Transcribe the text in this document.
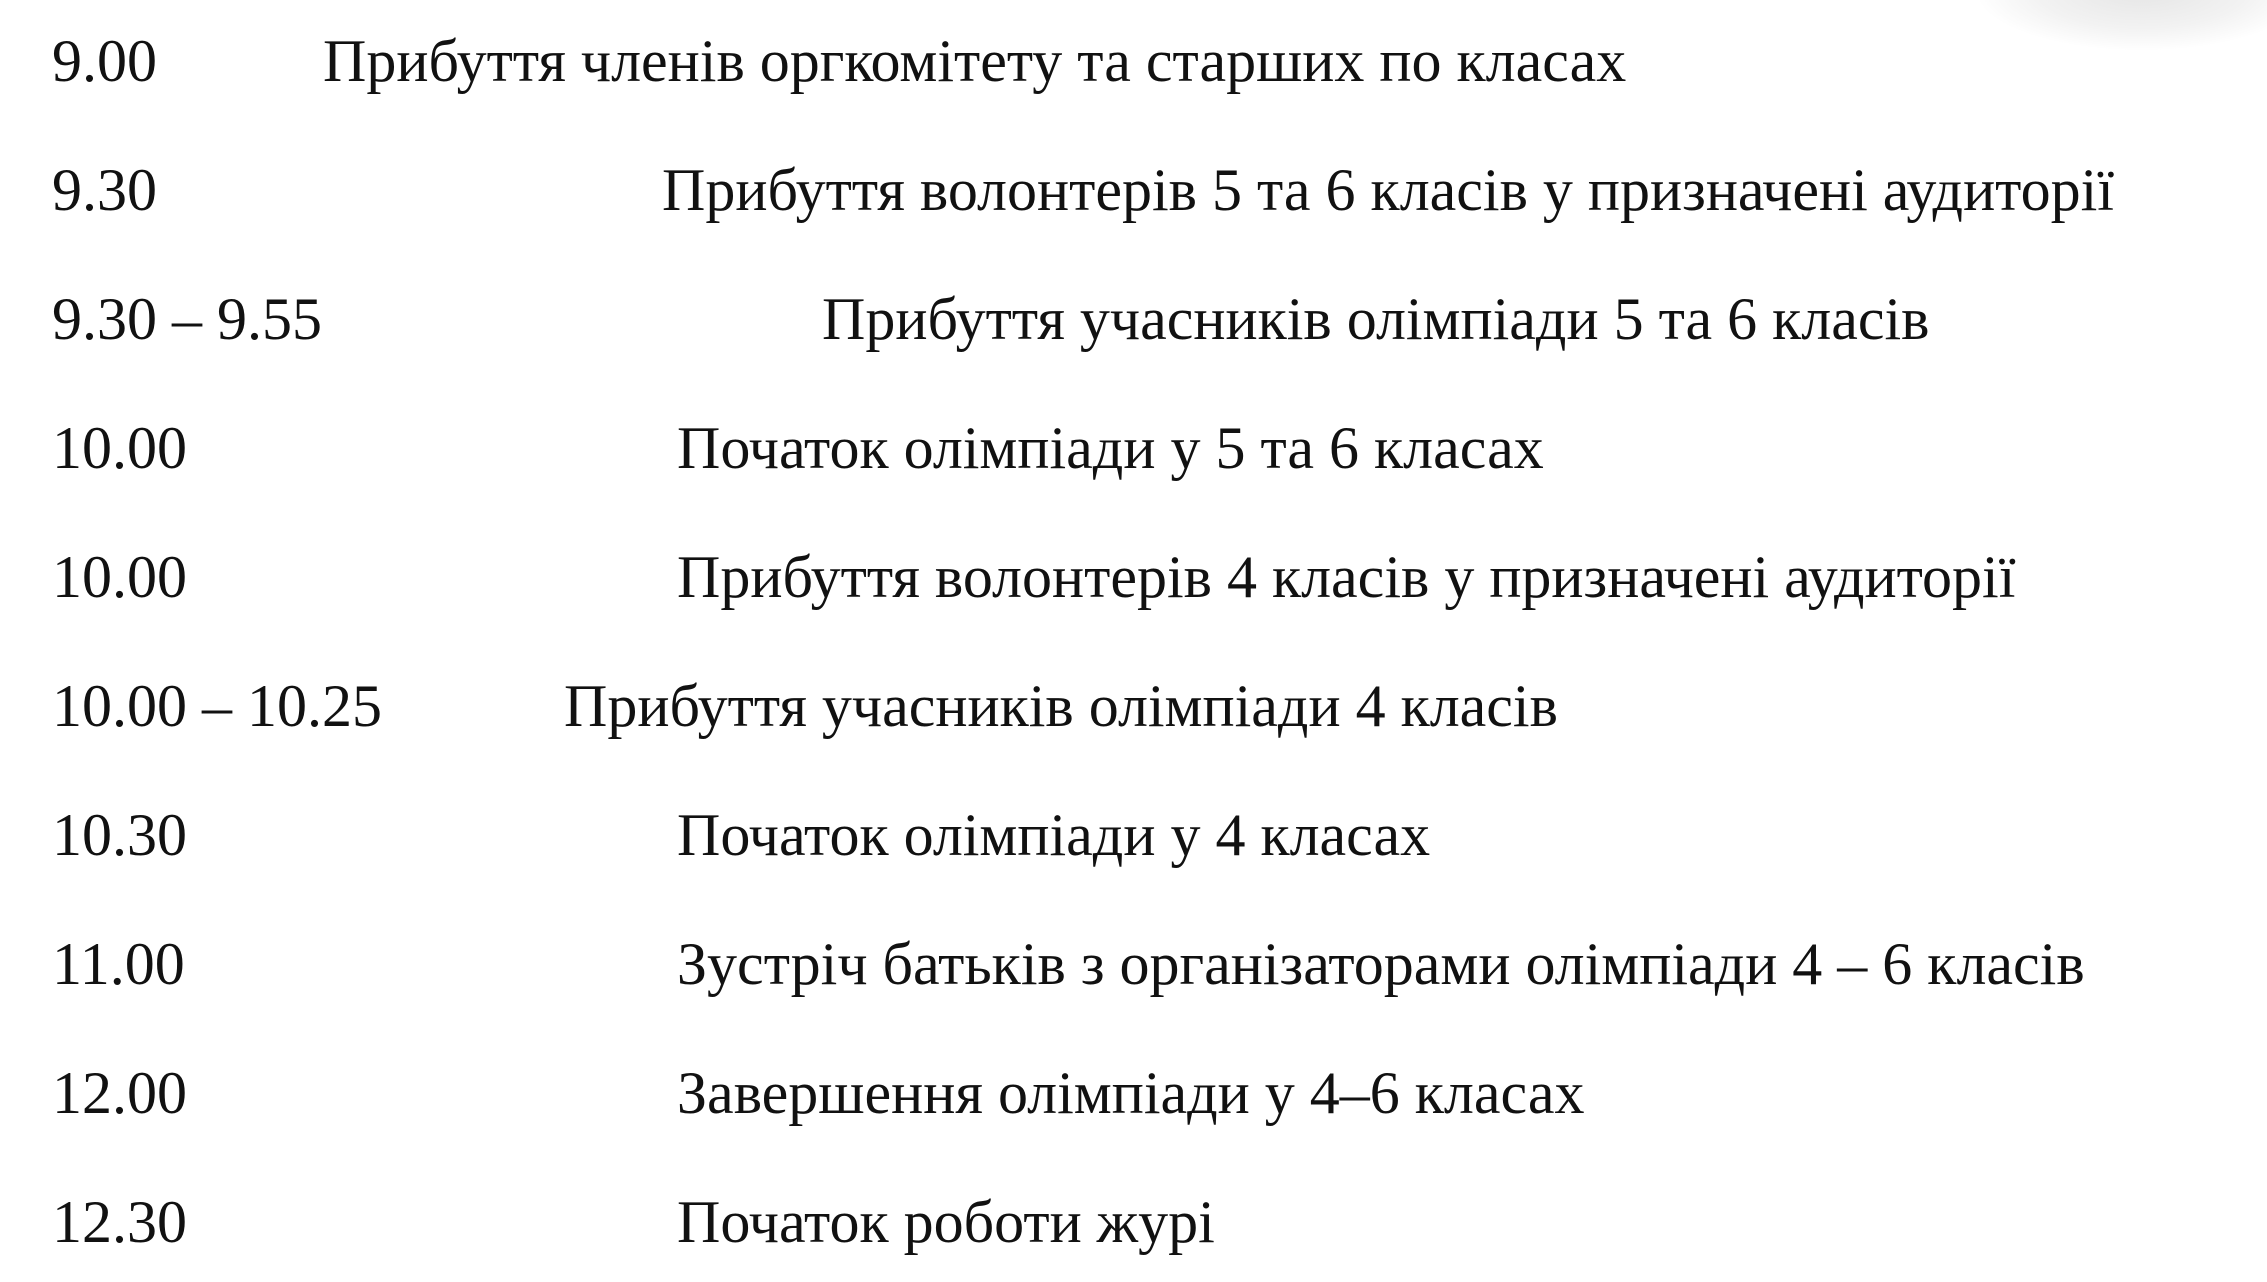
9.00	Прибуття членів оргкомітету та старших по класах
9.30	Прибуття волонтерів 5 та 6 класів у призначені аудиторії
9.30 – 9.55	Прибуття учасників олімпіади 5 та 6 класів
10.00	Початок олімпіади у 5 та 6 класах
10.00	Прибуття волонтерів 4 класів у призначені аудиторії
10.00 – 10.25	Прибуття учасників олімпіади 4 класів
10.30	Початок олімпіади у 4 класах
11.00	Зустріч батьків з організаторами олімпіади 4 – 6 класів
12.00	Завершення олімпіади у 4–6 класах
12.30	Початок роботи журі
